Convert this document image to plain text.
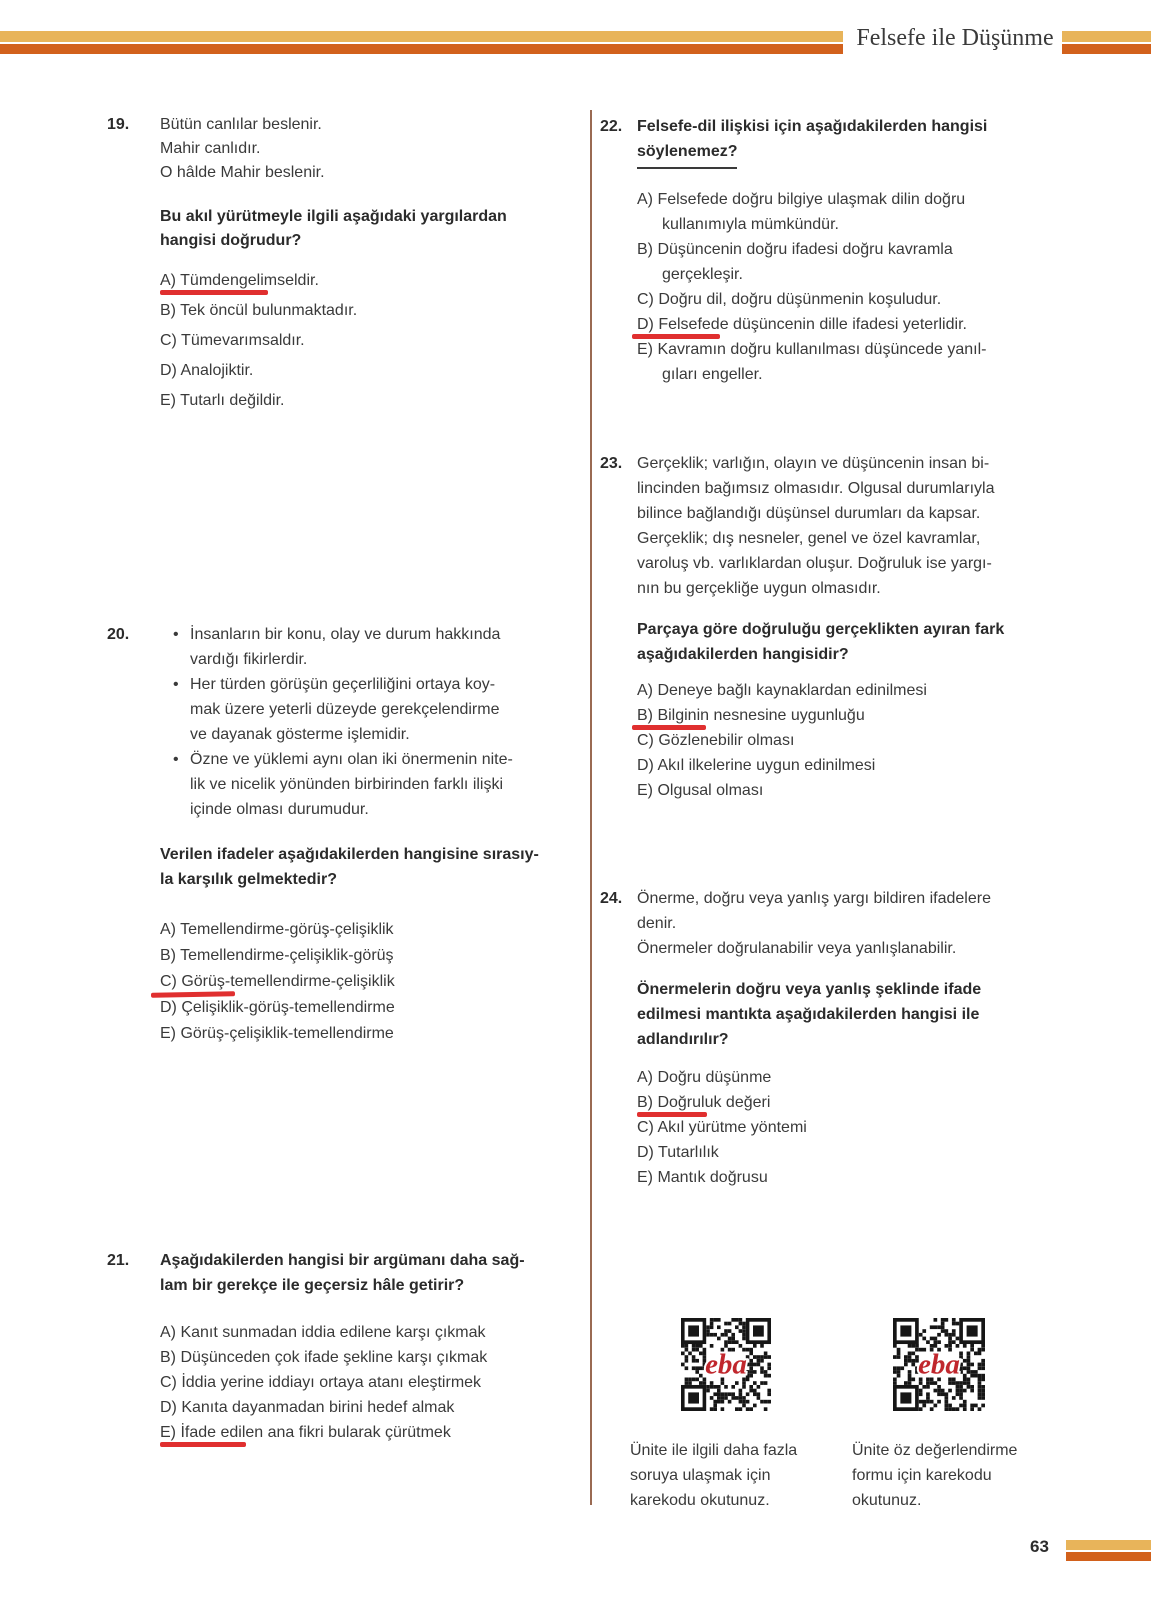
Felsefe ile Düşünme
19. Bütün canlılar beslenir.
Mahir canlıdır.
O hâlde Mahir beslenir.
Bu akıl yürütmeyle ilgili aşağıdaki yargılardan
hangisi doğrudur?
A) Tümdengelimseldir.
B) Tek öncül bulunmaktadır.
C) Tümevarımsaldır.
D) Analojiktir.
E) Tutarlı değildir.
20.	• İnsanların bir konu, olay ve durum hakkında
vardığı fikirlerdir.
• Her türden görüşün geçerliliğini ortaya koy-
mak üzere yeterli düzeyde gerekçelendirme
ve dayanak gösterme işlemidir.
• Özne ve yüklemi aynı olan iki önermenin nite-
lik ve nicelik yönünden birbirinden farklı ilişki
içinde olması durumudur.
Verilen ifadeler aşağıdakilerden hangisine sırasıy-
la karşılık gelmektedir?
A) Temellendirme-görüş-çelişiklik
B) Temellendirme-çelişiklik-görüş
C) Görüş-temellendirme-çelişiklik
D) Çelişiklik-görüş-temellendirme
E) Görüş-çelişiklik-temellendirme
21. Aşağıdakilerden hangisi bir argümanı daha sağ-
lam bir gerekçe ile geçersiz hâle getirir?
A) Kanıt sunmadan iddia edilene karşı çıkmak
B) Düşünceden çok ifade şekline karşı çıkmak
C) İddia yerine iddiayı ortaya atanı eleştirmek
D) Kanıta dayanmadan birini hedef almak
E) İfade edilen ana fikri bularak çürütmek
22. Felsefe-dil ilişkisi için aşağıdakilerden hangisi
söylenemez?
A) Felsefede doğru bilgiye ulaşmak dilin doğru
kullanımıyla mümkündür.
B) Düşüncenin doğru ifadesi doğru kavramla
gerçekleşir.
C) Doğru dil, doğru düşünmenin koşuludur.
D) Felsefede düşüncenin dille ifadesi yeterlidir.
E) Kavramın doğru kullanılması düşüncede yanıl-
gıları engeller.
23. Gerçeklik; varlığın, olayın ve düşüncenin insan bi-
lincinden bağımsız olmasıdır. Olgusal durumlarıyla
bilince bağlandığı düşünsel durumları da kapsar.
Gerçeklik; dış nesneler, genel ve özel kavramlar,
varoluş vb. varlıklardan oluşur. Doğruluk ise yargı-
nın bu gerçekliğe uygun olmasıdır.
Parçaya göre doğruluğu gerçeklikten ayıran fark
aşağıdakilerden hangisidir?
A) Deneye bağlı kaynaklardan edinilmesi
B) Bilginin nesnesine uygunluğu
C) Gözlenebilir olması
D) Akıl ilkelerine uygun edinilmesi
E) Olgusal olması
24. Önerme, doğru veya yanlış yargı bildiren ifadelere
denir.
Önermeler doğrulanabilir veya yanlışlanabilir.
Önermelerin doğru veya yanlış şeklinde ifade
edilmesi mantıkta aşağıdakilerden hangisi ile
adlandırılır?
A) Doğru düşünme
B) Doğruluk değeri
C) Akıl yürütme yöntemi
D) Tutarlılık
E) Mantık doğrusu
eba	eba
Ünite ile ilgili daha fazla
soruya ulaşmak için
karekodu okutunuz.
Ünite öz değerlendirme
formu için karekodu
okutunuz.
63
